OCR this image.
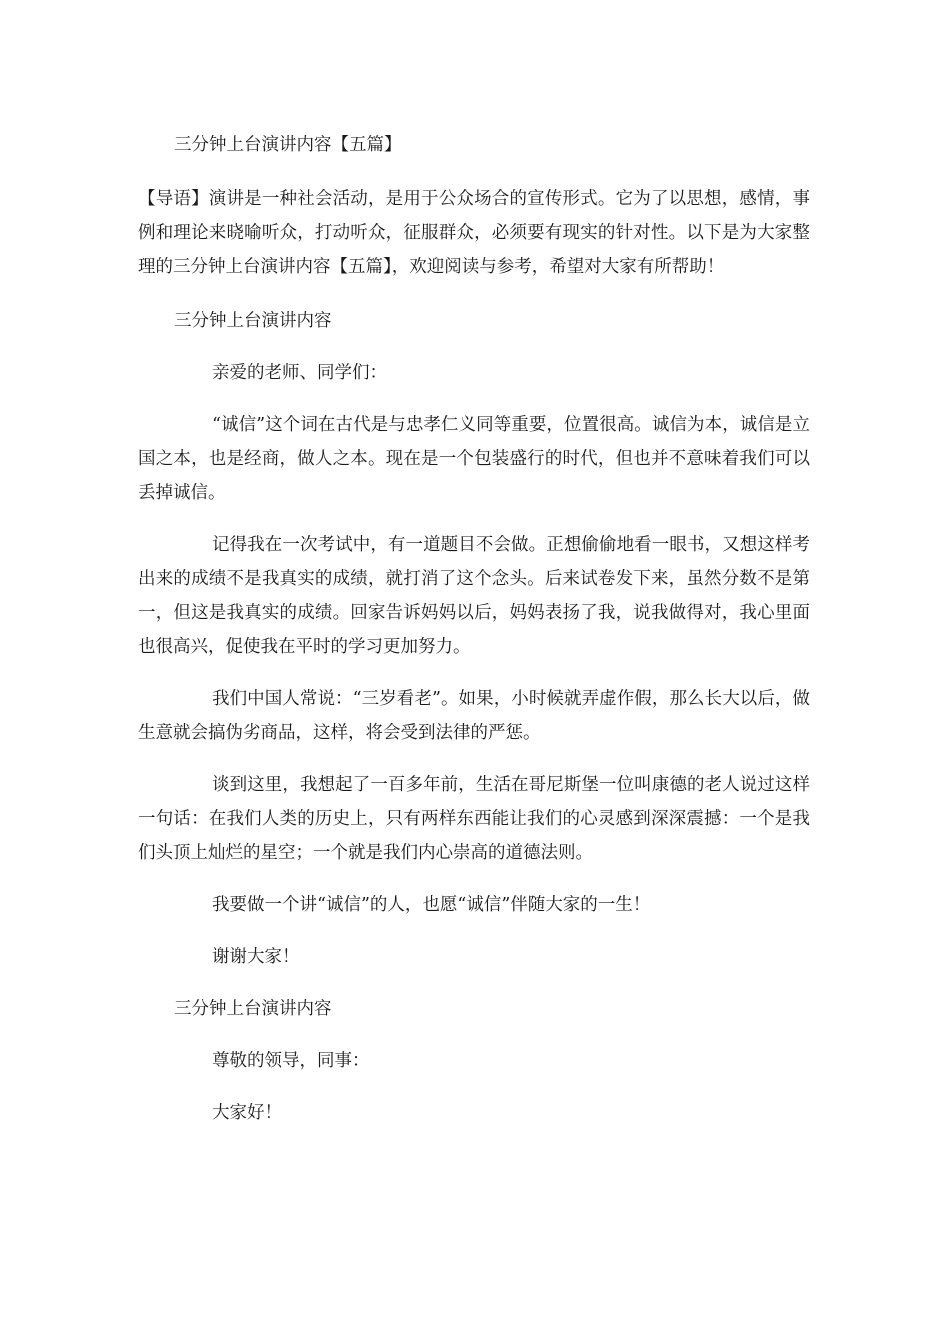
三分钟上台演讲内容【五篇】

【导语】演讲是一种社会活动，是用于公众场合的宣传形式。它为了以思想，感情，事例和理论来晓喻听众，打动听众，征服群众，必须要有现实的针对性。以下是为大家整理的三分钟上台演讲内容【五篇】，欢迎阅读与参考，希望对大家有所帮助！

三分钟上台演讲内容

亲爱的老师、同学们：

“诚信”这个词在古代是与忠孝仁义同等重要，位置很高。诚信为本，诚信是立国之本，也是经商，做人之本。现在是一个包装盛行的时代，但也并不意味着我们可以丢掉诚信。

记得我在一次考试中，有一道题目不会做。正想偷偷地看一眼书，又想这样考出来的成绩不是我真实的成绩，就打消了这个念头。后来试卷发下来，虽然分数不是第一，但这是我真实的成绩。回家告诉妈妈以后，妈妈表扬了我，说我做得对，我心里面也很高兴，促使我在平时的学习更加努力。

我们中国人常说：“三岁看老”。如果，小时候就弄虚作假，那么长大以后，做生意就会搞伪劣商品，这样，将会受到法律的严惩。

谈到这里，我想起了一百多年前，生活在哥尼斯堡一位叫康德的老人说过这样一句话：在我们人类的历史上，只有两样东西能让我们的心灵感到深深震撼：一个是我们头顶上灿烂的星空；一个就是我们内心崇高的道德法则。

我要做一个讲“诚信”的人，也愿“诚信”伴随大家的一生！

谢谢大家！

三分钟上台演讲内容

尊敬的领导，同事：

大家好！
